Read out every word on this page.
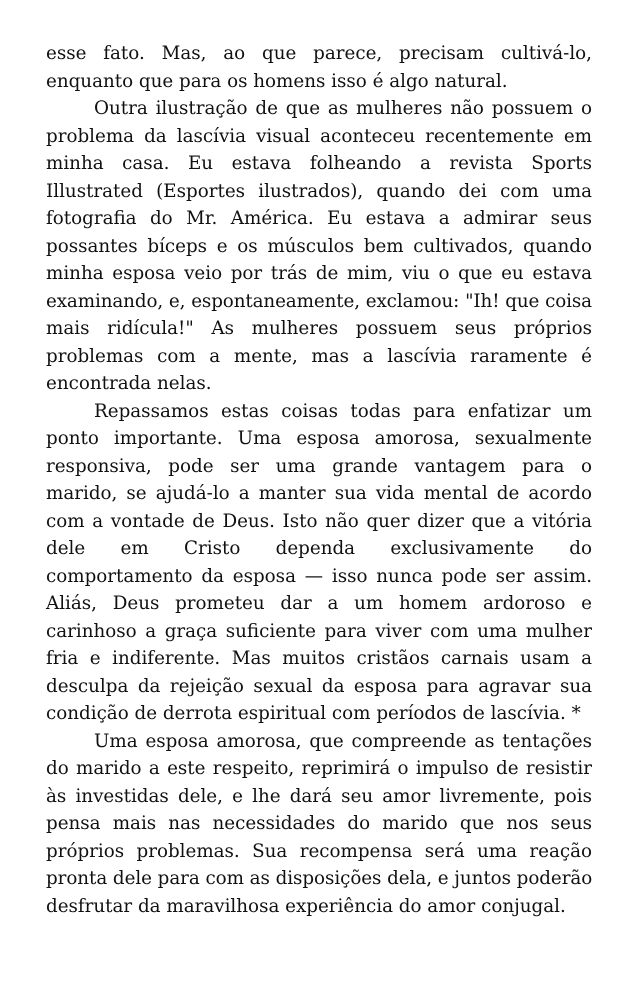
esse fato. Mas, ao que parece, precisam cultivá-lo,
enquanto que para os homens isso é algo natural.
Outra ilustração de que as mulheres não possuem o
problema da lascívia visual aconteceu recentemente em
minha casa. Eu estava folheando a revista Sports
Illustrated (Esportes ilustrados), quando dei com uma
fotografia do Mr. América. Eu estava a admirar seus
possantes bíceps e os músculos bem cultivados, quando
minha esposa veio por trás de mim, viu o que eu estava
examinando, e, espontaneamente, exclamou: "Ih! que coisa
mais ridícula!" As mulheres possuem seus próprios
problemas com a mente, mas a lascívia raramente é
encontrada nelas.
Repassamos estas coisas todas para enfatizar um
ponto importante. Uma esposa amorosa, sexualmente
responsiva, pode ser uma grande vantagem para o
marido, se ajudá-lo a manter sua vida mental de acordo
com a vontade de Deus. Isto não quer dizer que a vitória
dele em Cristo dependa exclusivamente do
comportamento da esposa — isso nunca pode ser assim.
Aliás, Deus prometeu dar a um homem ardoroso e
carinhoso a graça suficiente para viver com uma mulher
fria e indiferente. Mas muitos cristãos carnais usam a
desculpa da rejeição sexual da esposa para agravar sua
condição de derrota espiritual com períodos de lascívia. *
Uma esposa amorosa, que compreende as tentações
do marido a este respeito, reprimirá o impulso de resistir
às investidas dele, e lhe dará seu amor livremente, pois
pensa mais nas necessidades do marido que nos seus
próprios problemas. Sua recompensa será uma reação
pronta dele para com as disposições dela, e juntos poderão
desfrutar da maravilhosa experiência do amor conjugal.
